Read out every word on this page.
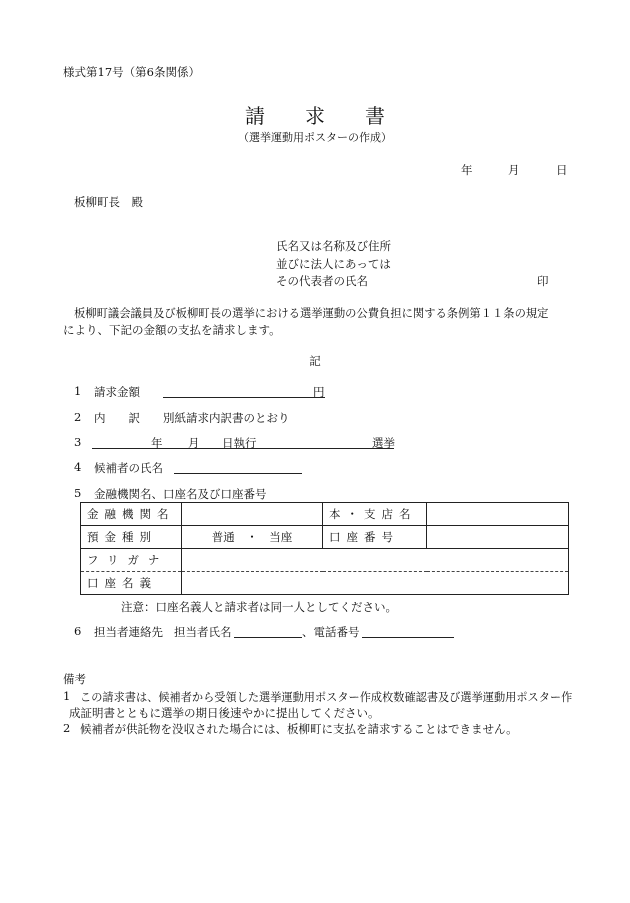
様式第17号（第6条関係）
請　　求　　書
（選挙運動用ポスターの作成）
年	月	日
板柳町長　殿
氏名又は名称及び住所
並びに法人にあっては
その代表者の氏名	印
板柳町議会議員及び板柳町長の選挙における選挙運動の公費負担に関する条例第１１条の規定
により、下記の金額の支払を請求します。
記
1 請求金額	円
2 内　　訳 別紙請求内訳書のとおり
3	年 月 日執行	選挙
4 候補者の氏名
5 金融機関名、口座名及び口座番号
金融機関名		本・支店名	
預金種別	普通　・　当座	口座番号	
フリガナ			
口座名義			
注意：口座名義人と請求者は同一人としてください。
6 担当者連絡先 担当者氏名	、電話番号
備考
1 この請求書は、候補者から受領した選挙運動用ポスター作成枚数確認書及び選挙運動用ポスター作
成証明書とともに選挙の期日後速やかに提出してください。
2 候補者が供託物を没収された場合には、板柳町に支払を請求することはできません。
